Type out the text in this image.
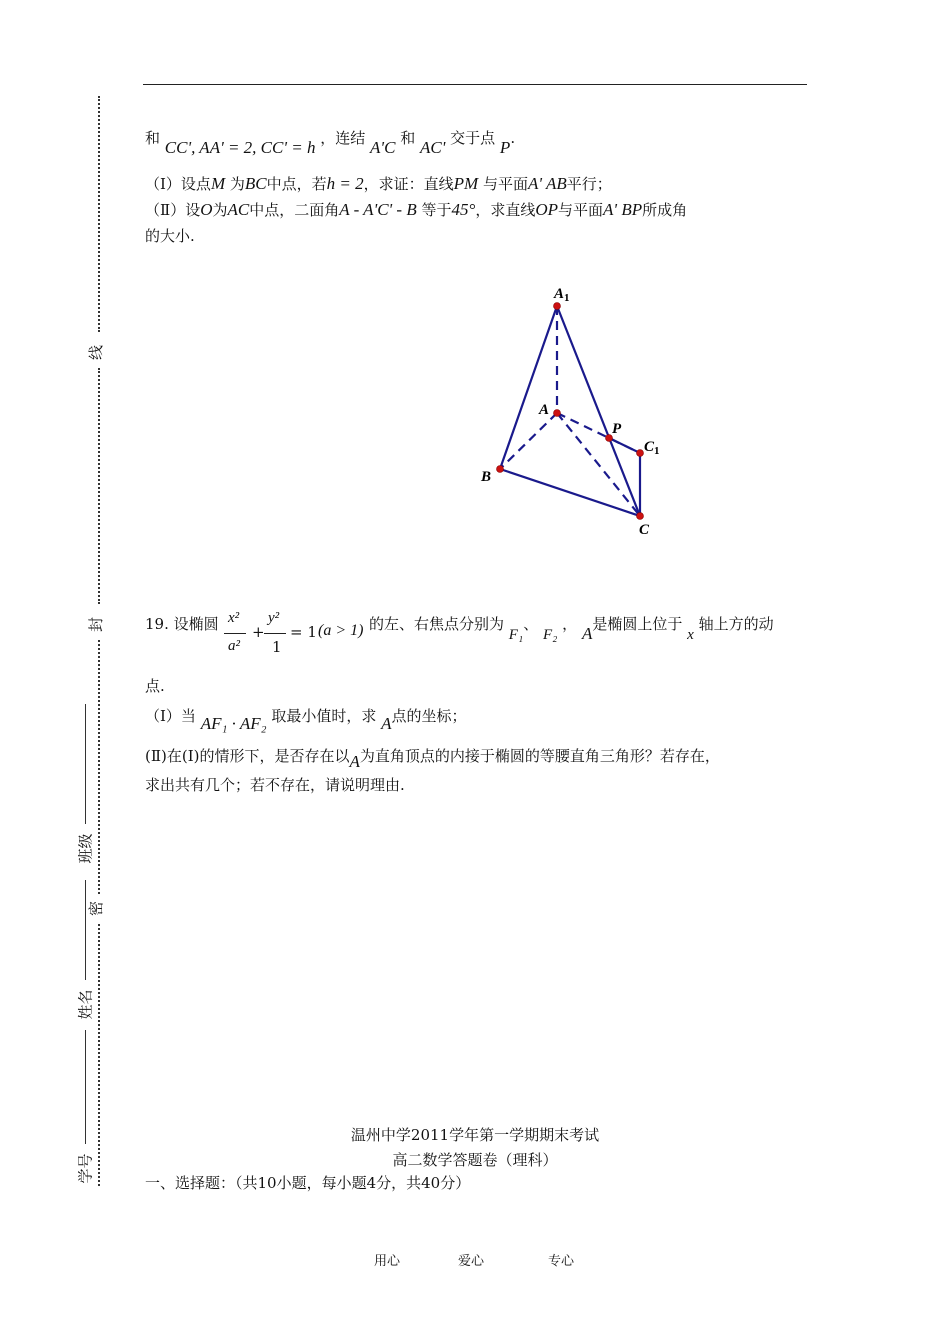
线
封
密
班级
姓名
学号
和 CC', AA' = 2, CC' = h ，连结 A'C 和 AC' 交于点 P.
（Ⅰ）设点M 为BC中点，若h = 2，求证：直线PM 与平面A' AB平行；
（Ⅱ）设O为AC中点，二面角A - A'C' - B 等于45°，求直线OP与平面A' BP所成角
的大小.
$A_1$
A
P
$C_1$
B
C
19. 设椭圆 x²
a²
+
y²
1
= 1 (a > 1) 的左、右焦点分别为 F₁、 F₂ ， A是椭圆上位于 x 轴上方的动
点.
（Ⅰ）当 AF₁ · AF₂ 取最小值时，求 A点的坐标；
(Ⅱ)在(Ⅰ)的情形下，是否存在以A为直角顶点的内接于椭圆的等腰直角三角形？若存在，
求出共有几个；若不存在，请说明理由.
温州中学2011学年第一学期期末考试
高二数学答题卷（理科）
一、选择题：（共10小题，每小题4分，共40分）
用心	爱心	专心
